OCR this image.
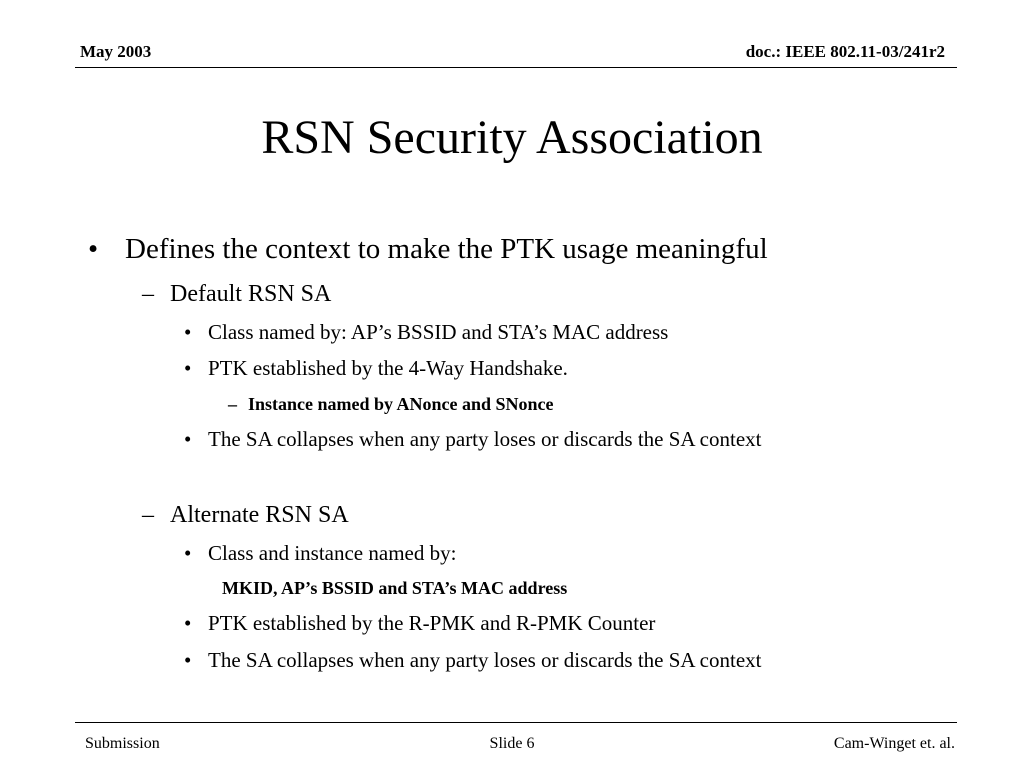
May 2003	doc.: IEEE 802.11-03/241r2
RSN Security Association
• Defines the context to make the PTK usage meaningful
– Default RSN SA
• Class named by: AP’s BSSID and STA’s MAC address
• PTK established by the 4-Way Handshake.
– Instance named by ANonce and SNonce
• The SA collapses when any party loses or discards the SA context
– Alternate RSN SA
• Class and instance named by:
MKID, AP’s BSSID and STA’s MAC address
• PTK established by the R-PMK and R-PMK Counter
• The SA collapses when any party loses or discards the SA context
Submission	Slide 6	Cam-Winget et. al.
